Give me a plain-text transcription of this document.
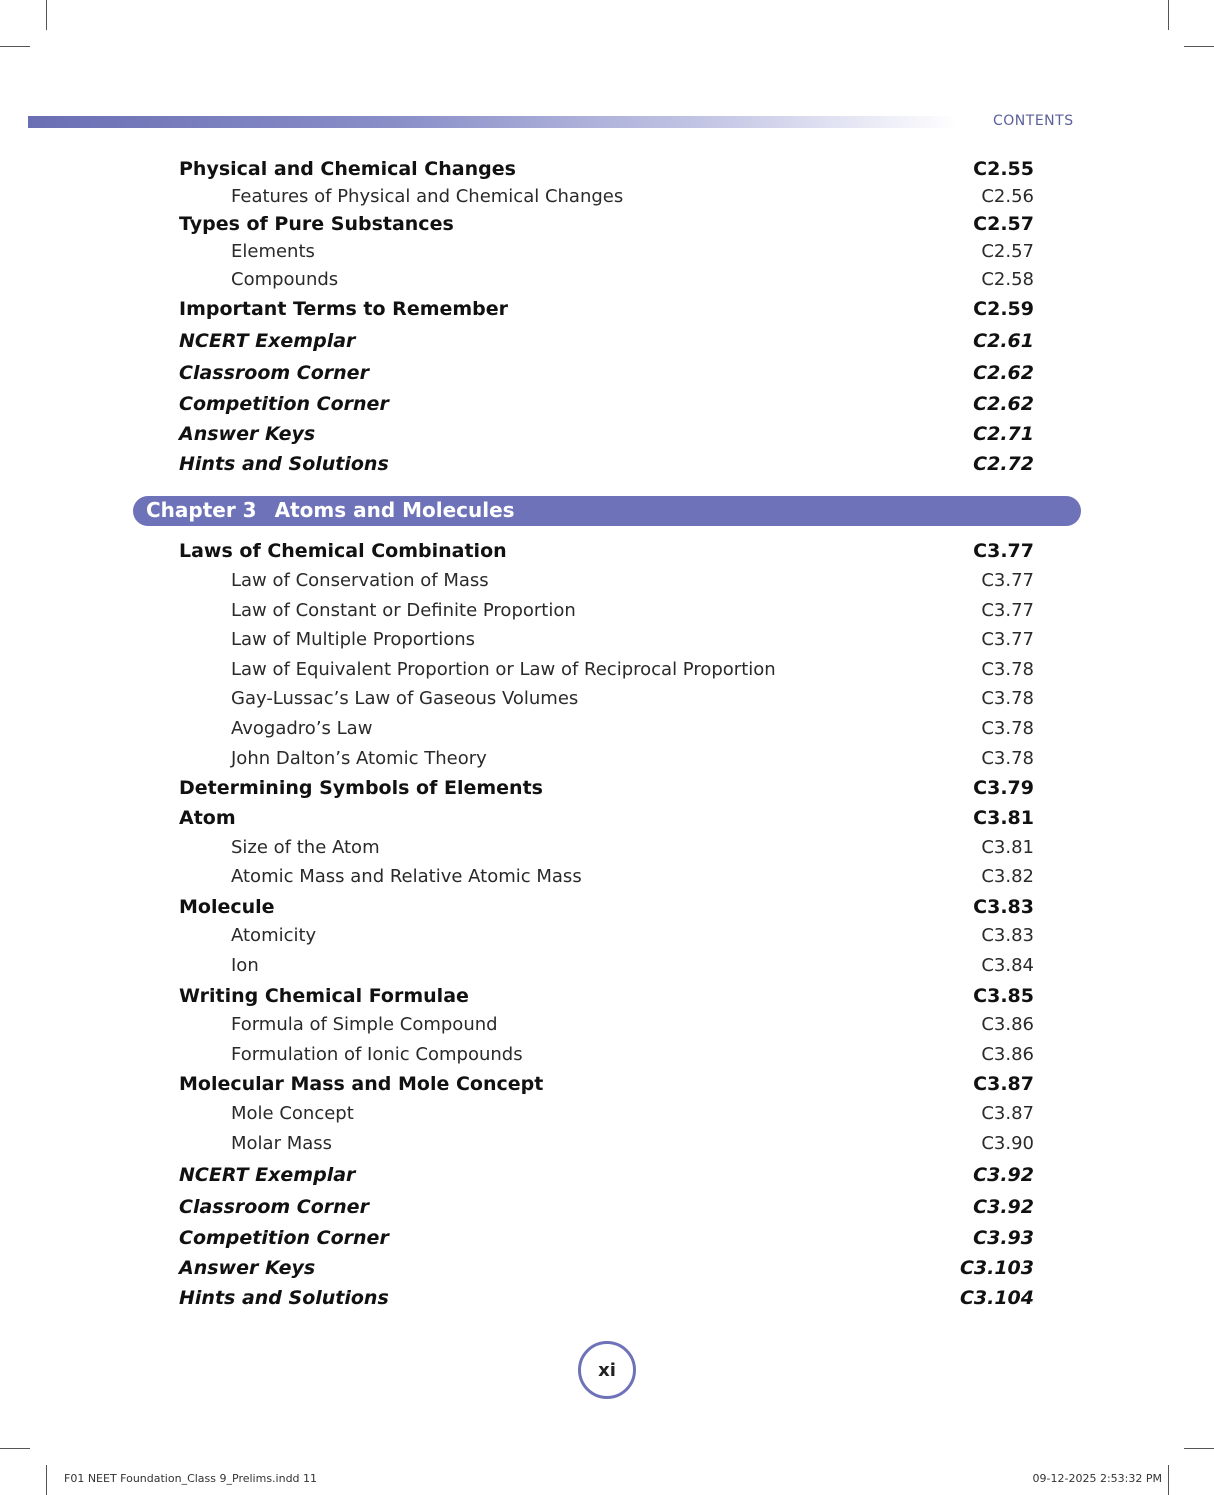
CONTENTS
Physical and Chemical Changes	C2.55
Features of Physical and Chemical Changes	C2.56
Types of Pure Substances	C2.57
Elements	C2.57
Compounds	C2.58
Important Terms to Remember	C2.59
NCERT Exemplar	C2.61
Classroom Corner	C2.62
Competition Corner	C2.62
Answer Keys	C2.71
Hints and Solutions	C2.72
Chapter 3 Atoms and Molecules
Laws of Chemical Combination	C3.77
Law of Conservation of Mass	C3.77
Law of Constant or Definite Proportion	C3.77
Law of Multiple Proportions	C3.77
Law of Equivalent Proportion or Law of Reciprocal Proportion	C3.78
Gay-Lussac’s Law of Gaseous Volumes	C3.78
Avogadro’s Law	C3.78
John Dalton’s Atomic Theory	C3.78
Determining Symbols of Elements	C3.79
Atom	C3.81
Size of the Atom	C3.81
Atomic Mass and Relative Atomic Mass	C3.82
Molecule	C3.83
Atomicity	C3.83
Ion	C3.84
Writing Chemical Formulae	C3.85
Formula of Simple Compound	C3.86
Formulation of Ionic Compounds	C3.86
Molecular Mass and Mole Concept	C3.87
Mole Concept	C3.87
Molar Mass	C3.90
NCERT Exemplar	C3.92
Classroom Corner	C3.92
Competition Corner	C3.93
Answer Keys	C3.103
Hints and Solutions	C3.104
xi
F01 NEET Foundation_Class 9_Prelims.indd 11	09-12-2025 2:53:32 PM
